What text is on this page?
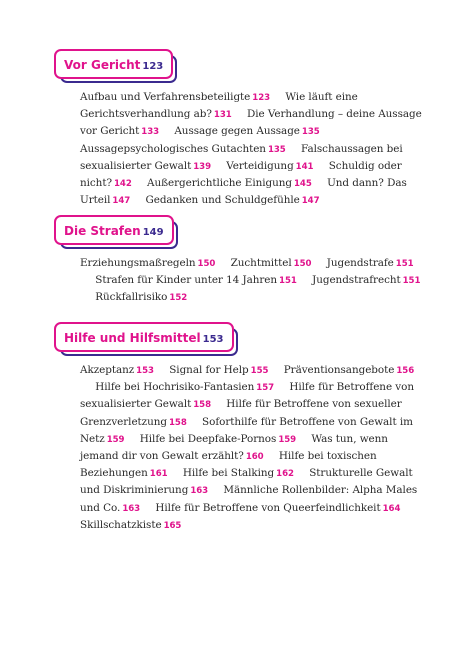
Vor Gericht 123
Aufbau und Verfahrensbeteiligte 123 Wie läuft eine Gerichtsverhandlung ab? 131 Die Verhandlung – deine Aussage vor Gericht 133 Aussage gegen Aussage 135 Aussagepsychologisches Gutachten 135 Falschaussagen bei sexualisierter Gewalt 139 Verteidigung 141 Schuldig oder nicht? 142 Außergerichtliche Einigung 145 Und dann? Das Urteil 147 Gedanken und Schuldgefühle 147
Die Strafen 149
Erziehungsmaßregeln 150 Zuchtmittel 150 Jugendstrafe 151 Strafen für Kinder unter 14 Jahren 151 Jugendstrafrecht 151 Rückfallrisiko 152
Hilfe und Hilfsmittel 153
Akzeptanz 153 Signal for Help 155 Präventionsangebote 156 Hilfe bei Hochrisiko-Fantasien 157 Hilfe für Betroffene von sexualisierter Gewalt 158 Hilfe für Betroffene von sexueller Grenzverletzung 158 Soforthilfe für Betroffene von Gewalt im Netz 159 Hilfe bei Deepfake-Pornos 159 Was tun, wenn jemand dir von Gewalt erzählt? 160 Hilfe bei toxischen Beziehungen 161 Hilfe bei Stalking 162 Strukturelle Gewalt und Diskriminierung 163 Männliche Rollenbilder: Alpha Males und Co. 163 Hilfe für Betroffene von Queerfeindlichkeit 164 Skillschatzkiste 165
